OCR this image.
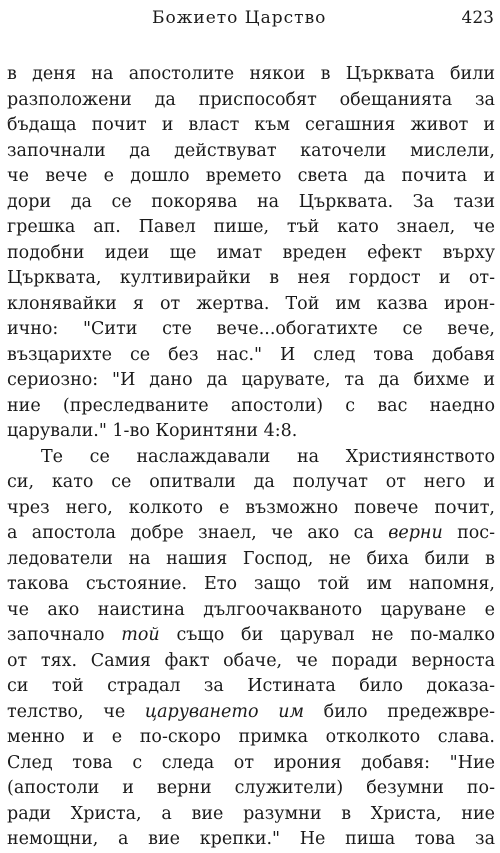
Божието Царство	423
в деня на апостолите някои в Църквата били
разположени да приспособят обещанията за
бъдаща почит и власт към сегашния живот и
започнали да действуват каточели мислели,
че вече е дошло времето света да почита и
дори да се покорява на Църквата. За тази
грешка ап. Павел пише, тъй като знаел, че
подобни идеи ще имат вреден ефект върху
Църквата, култивирайки в нея гордост и от-
клонявайки я от жертва. Той им казва ирон-
ично: "Сити сте вече...обогатихте се вече,
възцарихте се без нас." И след това добавя
сериозно: "И дано да царувате, та да бихме и
ние (преследваните апостоли) с вас наедно
царували." 1-во Коринтяни 4:8.
Те се наслаждавали на Християнството
си, като се опитвали да получат от него и
чрез него, колкото е възможно повече почит,
а апостола добре знаел, че ако са верни пос-
ледователи на нашия Господ, не биха били в
такова състояние. Ето защо той им напомня,
че ако наистина дългоочакваното царуване е
започнало той също би царувал не по-малко
от тях. Самия факт обаче, че поради верноста
си той страдал за Истината било доказа-
телство, че царуването им било предежвре-
менно и е по-скоро примка отколкото слава.
След това с следа от ирония добавя: "Ние
(апостоли и верни служители) безумни по-
ради Христа, а вие разумни в Христа, ние
немощни, а вие крепки." Не пиша това за
